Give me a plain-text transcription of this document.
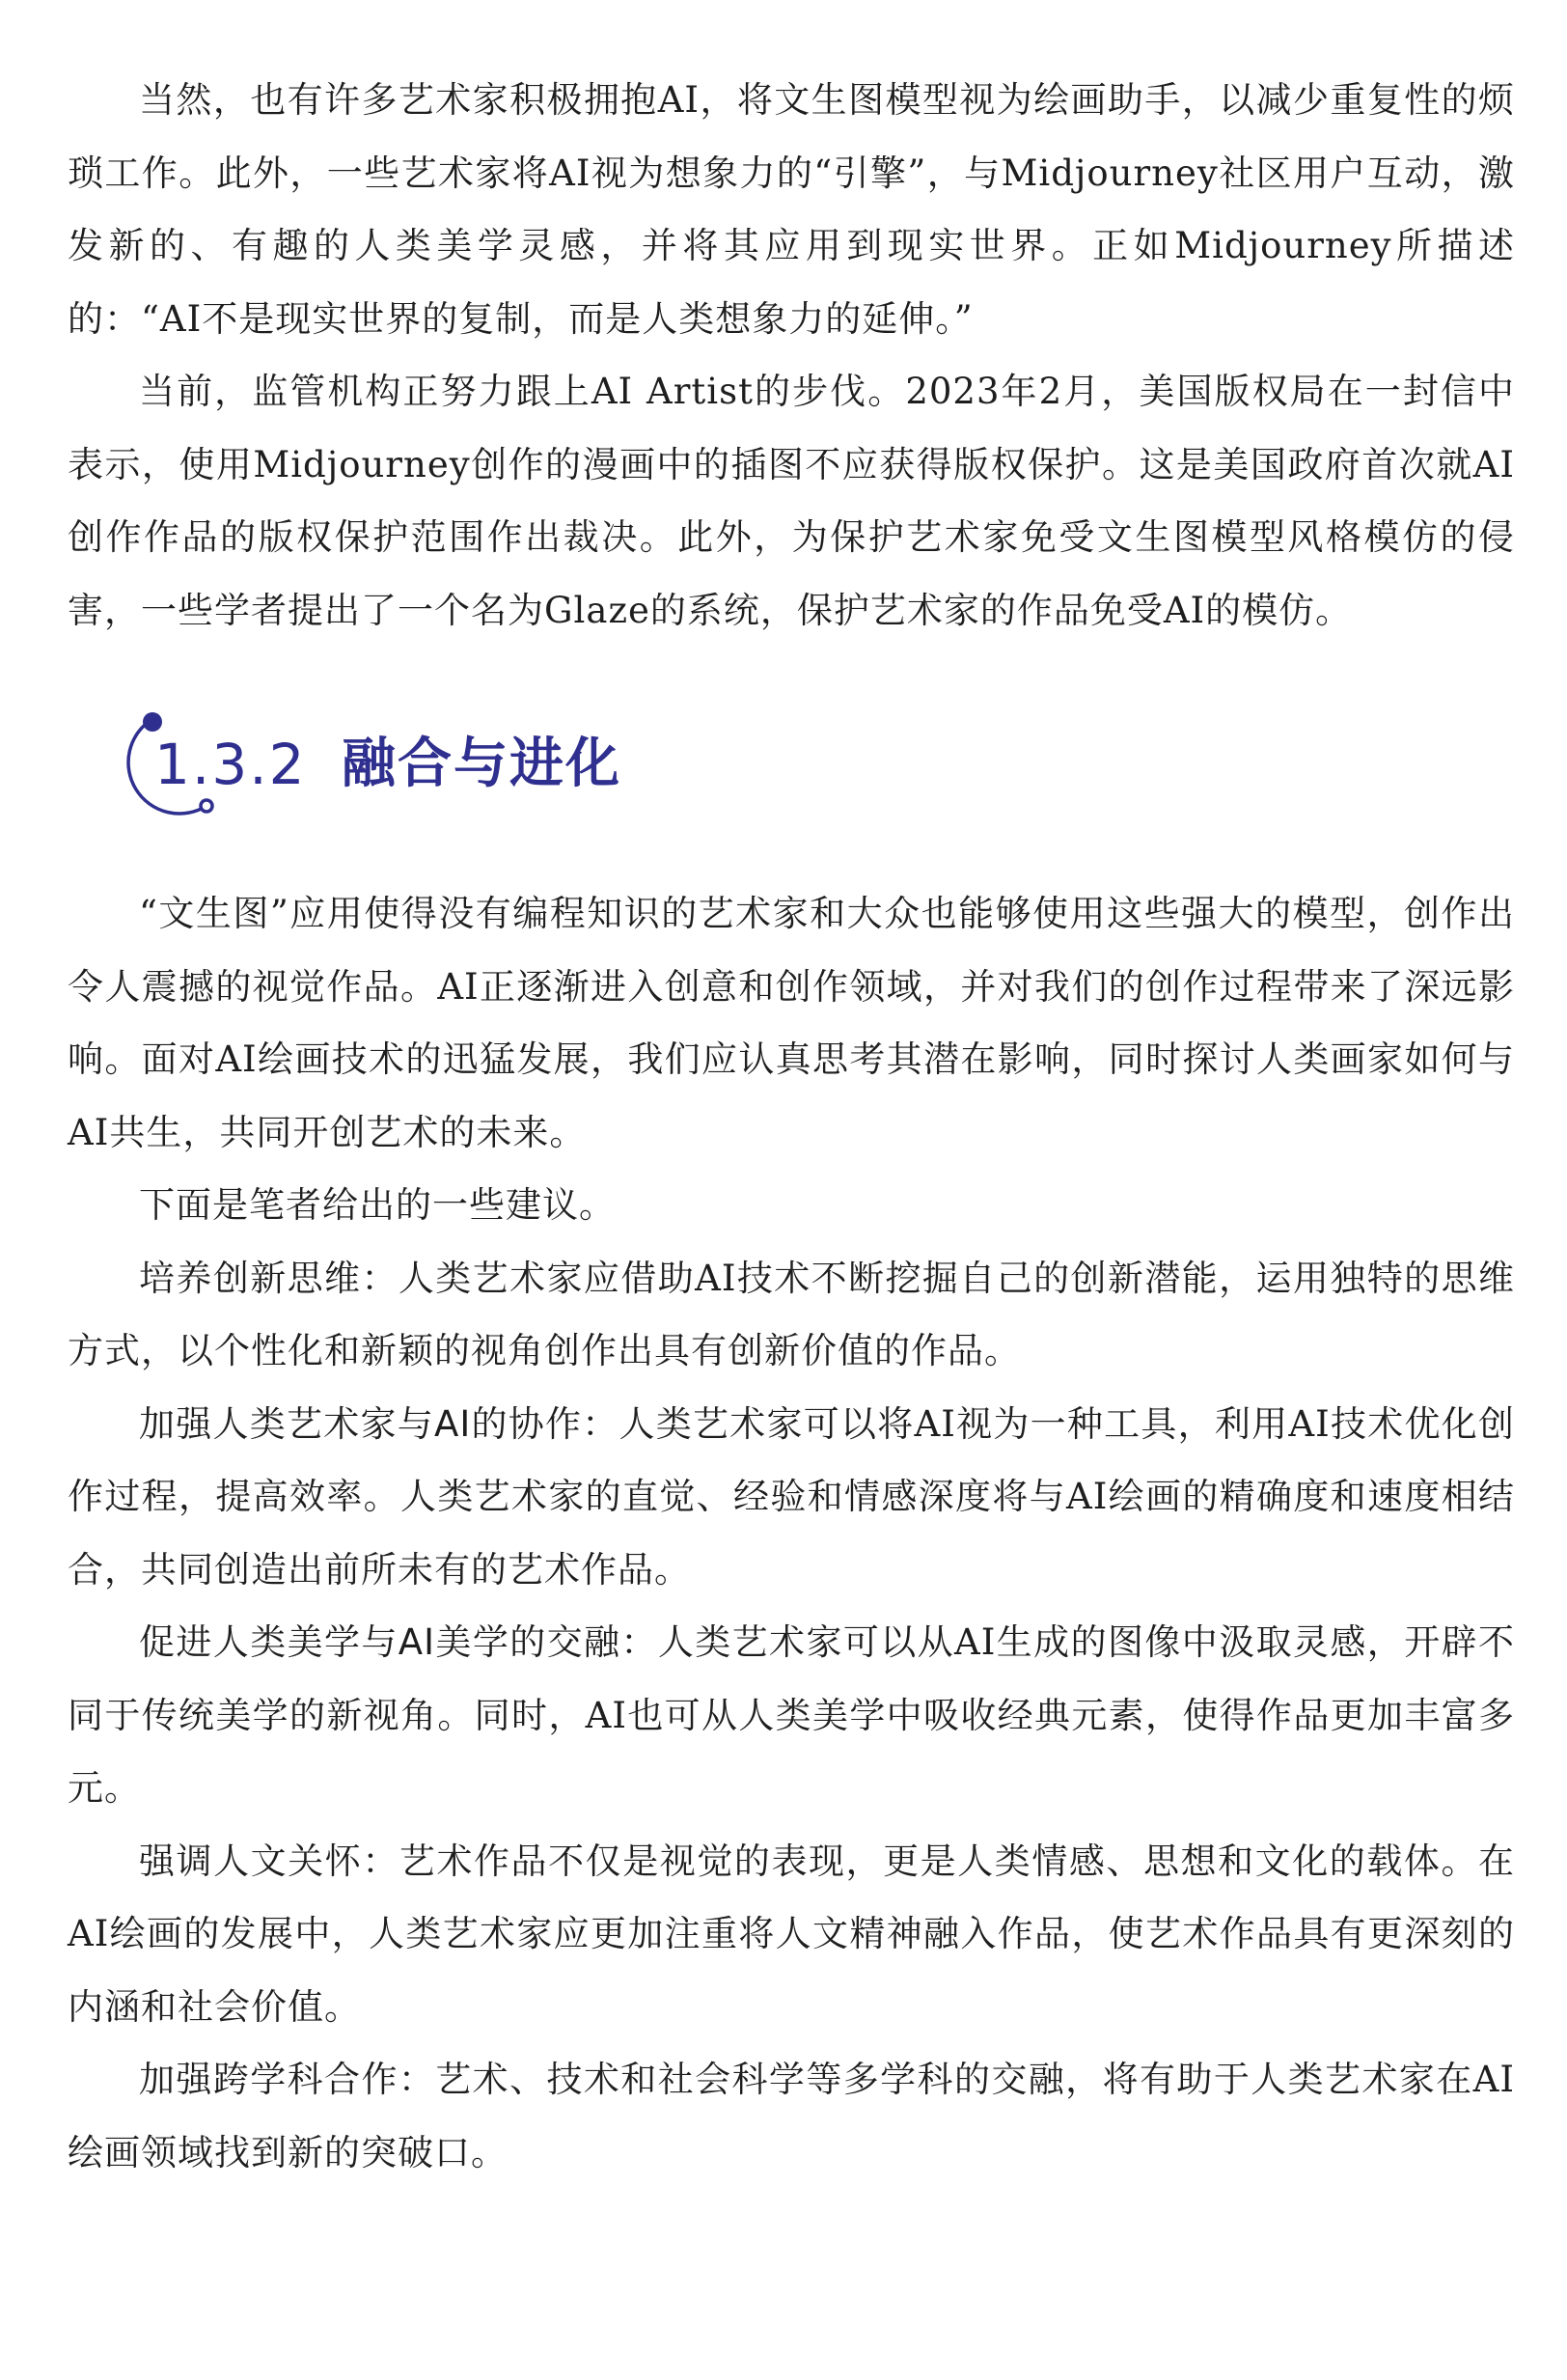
当然，也有许多艺术家积极拥抱AI，将文生图模型视为绘画助手，以减少重复性的烦琐工作。此外，一些艺术家将AI视为想象力的“引擎”，与Midjourney社区用户互动，激发新的、有趣的人类美学灵感，并将其应用到现实世界。正如Midjourney所描述的：“AI不是现实世界的复制，而是人类想象力的延伸。”

当前，监管机构正努力跟上AI Artist的步伐。2023年2月，美国版权局在一封信中表示，使用Midjourney创作的漫画中的插图不应获得版权保护。这是美国政府首次就AI创作作品的版权保护范围作出裁决。此外，为保护艺术家免受文生图模型风格模仿的侵害，一些学者提出了一个名为Glaze的系统，保护艺术家的作品免受AI的模仿。

1.3.2 融合与进化

“文生图”应用使得没有编程知识的艺术家和大众也能够使用这些强大的模型，创作出令人震撼的视觉作品。AI正逐渐进入创意和创作领域，并对我们的创作过程带来了深远影响。面对AI绘画技术的迅猛发展，我们应认真思考其潜在影响，同时探讨人类画家如何与AI共生，共同开创艺术的未来。

下面是笔者给出的一些建议。

培养创新思维：人类艺术家应借助AI技术不断挖掘自己的创新潜能，运用独特的思维方式，以个性化和新颖的视角创作出具有创新价值的作品。

加强人类艺术家与AI的协作：人类艺术家可以将AI视为一种工具，利用AI技术优化创作过程，提高效率。人类艺术家的直觉、经验和情感深度将与AI绘画的精确度和速度相结合，共同创造出前所未有的艺术作品。

促进人类美学与AI美学的交融：人类艺术家可以从AI生成的图像中汲取灵感，开辟不同于传统美学的新视角。同时，AI也可从人类美学中吸收经典元素，使得作品更加丰富多元。

强调人文关怀：艺术作品不仅是视觉的表现，更是人类情感、思想和文化的载体。在AI绘画的发展中，人类艺术家应更加注重将人文精神融入作品，使艺术作品具有更深刻的内涵和社会价值。

加强跨学科合作：艺术、技术和社会科学等多学科的交融，将有助于人类艺术家在AI绘画领域找到新的突破口。
